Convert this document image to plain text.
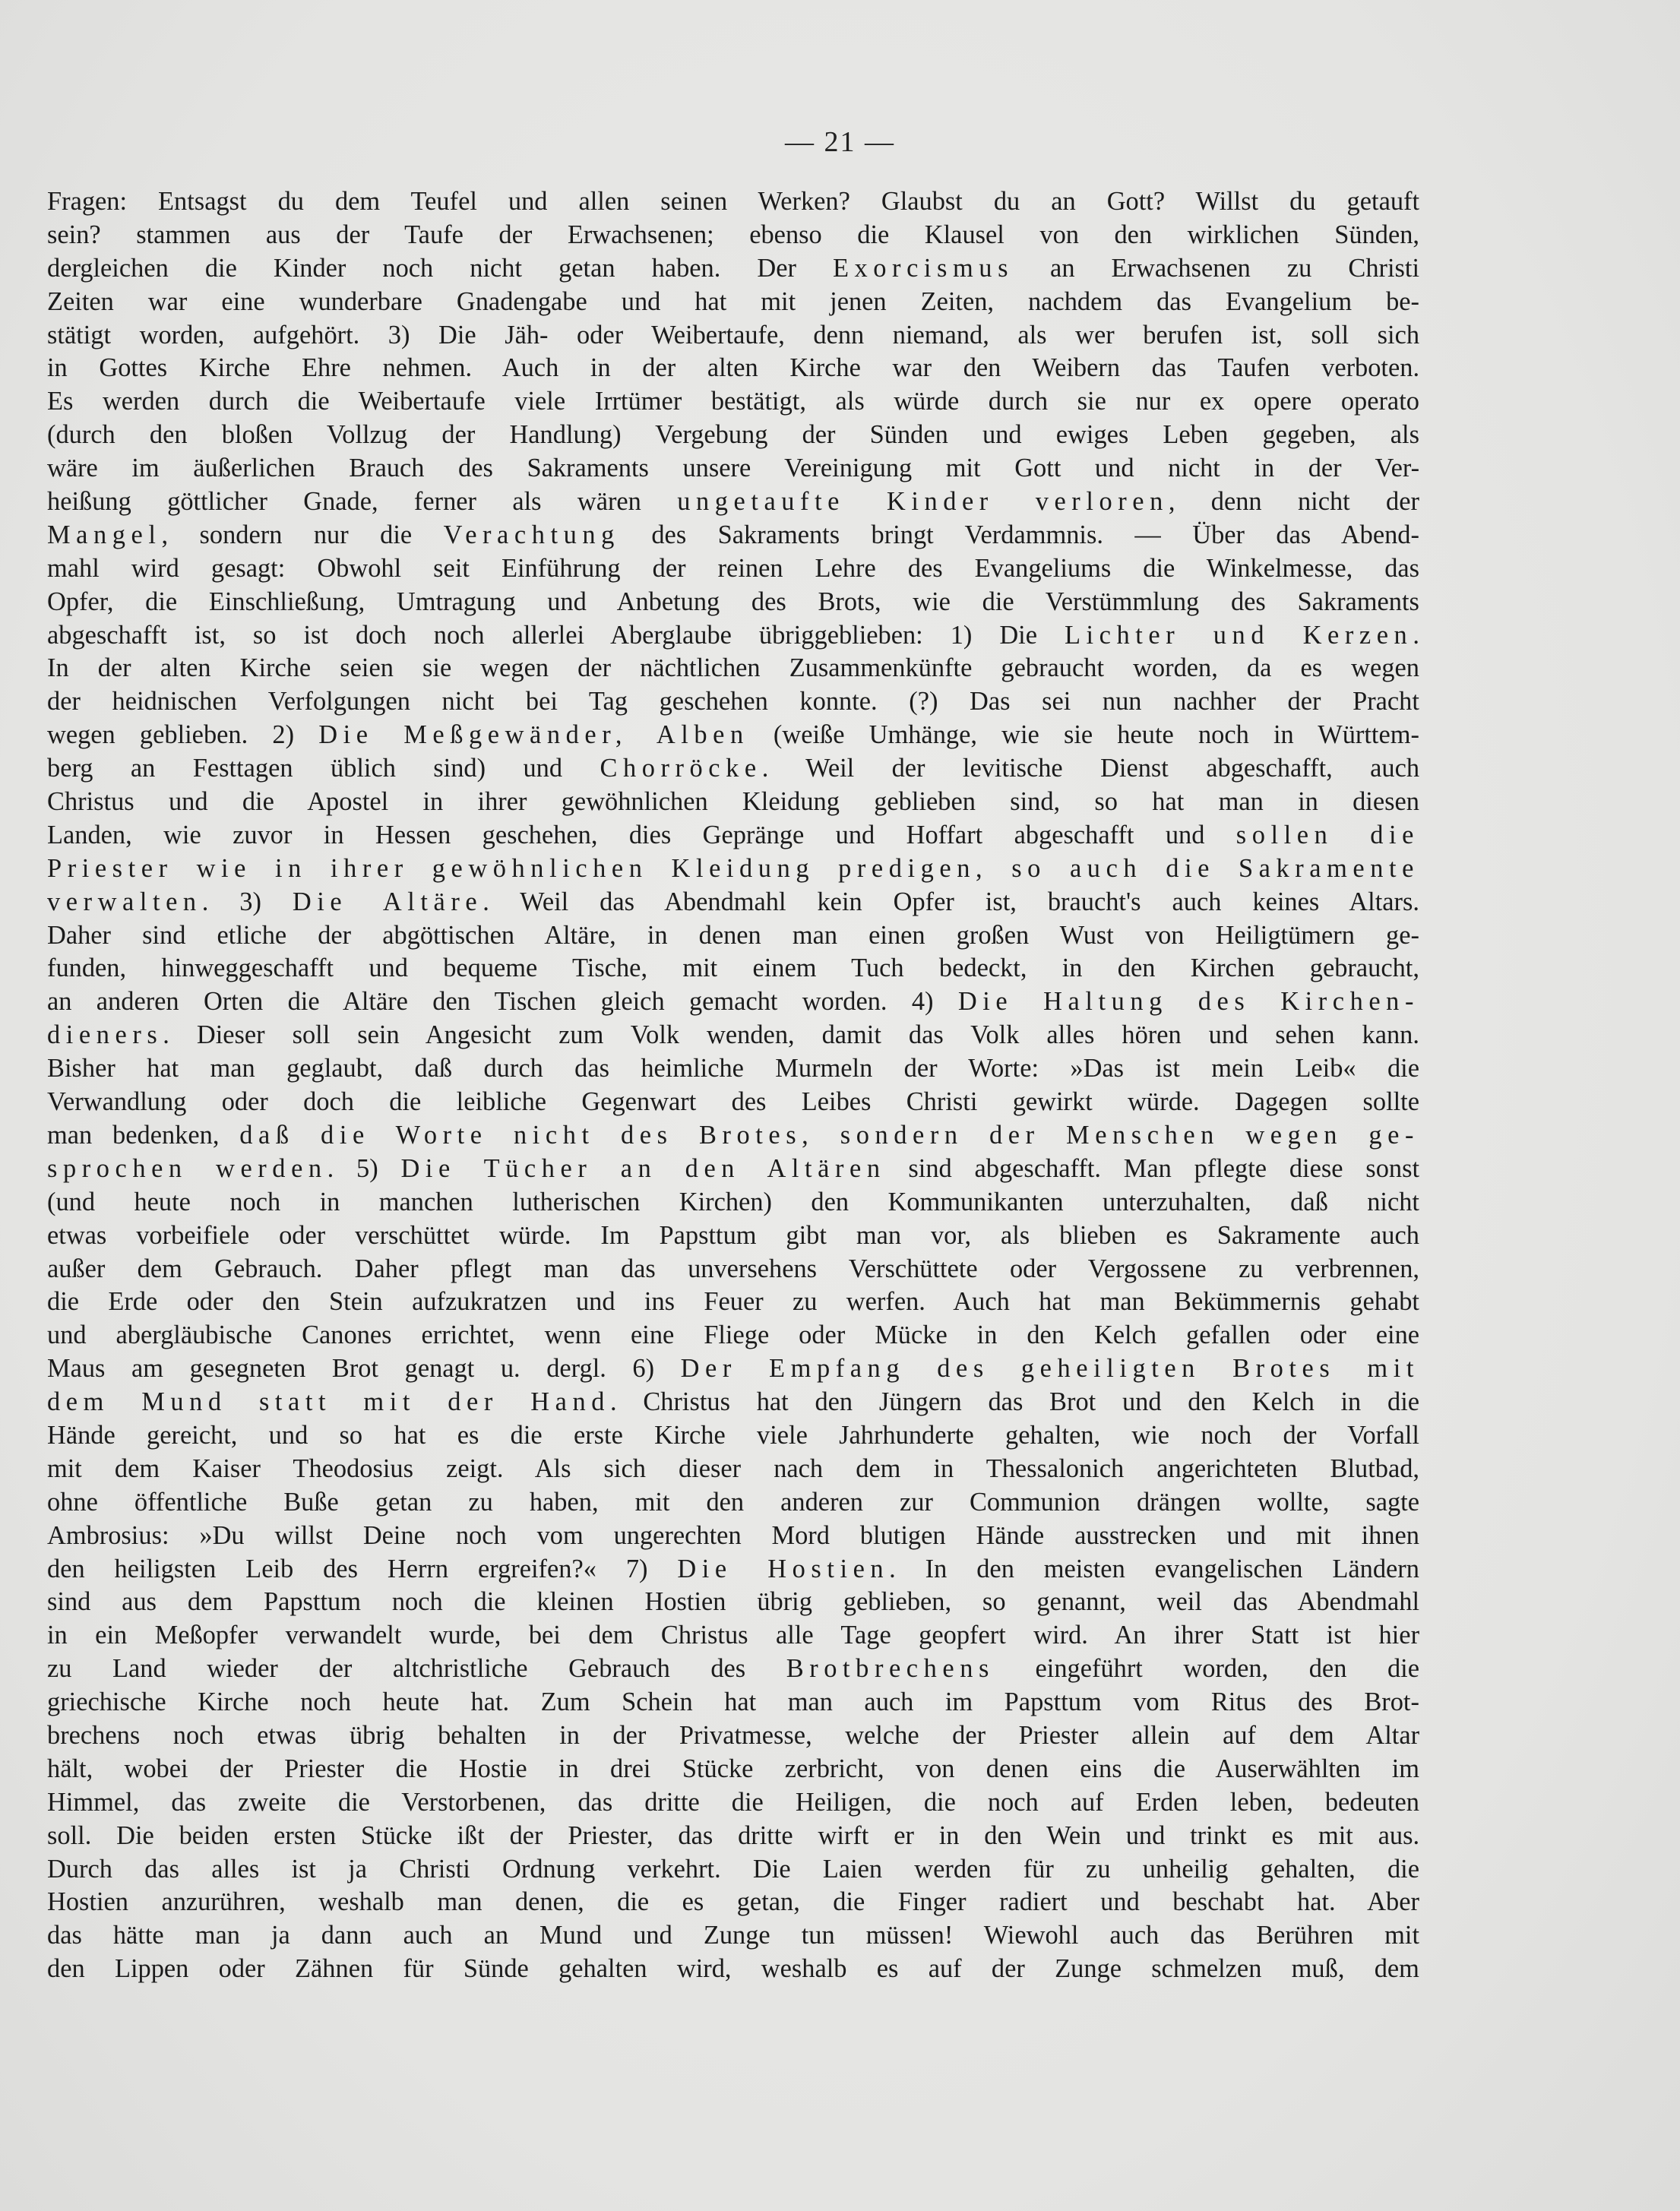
— 21 —
Fragen: Entsagst du dem Teufel und allen seinen Werken? Glaubst du an Gott? Willst du getauft
sein? stammen aus der Taufe der Erwachsenen; ebenso die Klausel von den wirklichen Sünden,
dergleichen die Kinder noch nicht getan haben. Der Exorcismus an Erwachsenen zu Christi
Zeiten war eine wunderbare Gnadengabe und hat mit jenen Zeiten, nachdem das Evangelium be-
stätigt worden, aufgehört. 3) Die Jäh- oder Weibertaufe, denn niemand, als wer berufen ist, soll sich
in Gottes Kirche Ehre nehmen. Auch in der alten Kirche war den Weibern das Taufen verboten.
Es werden durch die Weibertaufe viele Irrtümer bestätigt, als würde durch sie nur ex opere operato
(durch den bloßen Vollzug der Handlung) Vergebung der Sünden und ewiges Leben gegeben, als
wäre im äußerlichen Brauch des Sakraments unsere Vereinigung mit Gott und nicht in der Ver-
heißung göttlicher Gnade, ferner als wären ungetaufte Kinder verloren, denn nicht der
Mangel, sondern nur die Verachtung des Sakraments bringt Verdammnis. — Über das Abend-
mahl wird gesagt: Obwohl seit Einführung der reinen Lehre des Evangeliums die Winkelmesse, das
Opfer, die Einschließung, Umtragung und Anbetung des Brots, wie die Verstümmlung des Sakraments
abgeschafft ist, so ist doch noch allerlei Aberglaube übriggeblieben: 1) Die Lichter und Kerzen.
In der alten Kirche seien sie wegen der nächtlichen Zusammenkünfte gebraucht worden, da es wegen
der heidnischen Verfolgungen nicht bei Tag geschehen konnte. (?) Das sei nun nachher der Pracht
wegen geblieben. 2) Die Meßgewänder, Alben (weiße Umhänge, wie sie heute noch in Württem-
berg an Festtagen üblich sind) und Chorröcke. Weil der levitische Dienst abgeschafft, auch
Christus und die Apostel in ihrer gewöhnlichen Kleidung geblieben sind, so hat man in diesen
Landen, wie zuvor in Hessen geschehen, dies Gepränge und Hoffart abgeschafft und sollen die
Priester wie in ihrer gewöhnlichen Kleidung predigen, so auch die Sakramente
verwalten. 3) Die Altäre. Weil das Abendmahl kein Opfer ist, braucht's auch keines Altars.
Daher sind etliche der abgöttischen Altäre, in denen man einen großen Wust von Heiligtümern ge-
funden, hinweggeschafft und bequeme Tische, mit einem Tuch bedeckt, in den Kirchen gebraucht,
an anderen Orten die Altäre den Tischen gleich gemacht worden. 4) Die Haltung des Kirchen-
dieners. Dieser soll sein Angesicht zum Volk wenden, damit das Volk alles hören und sehen kann.
Bisher hat man geglaubt, daß durch das heimliche Murmeln der Worte: »Das ist mein Leib« die
Verwandlung oder doch die leibliche Gegenwart des Leibes Christi gewirkt würde. Dagegen sollte
man bedenken, daß die Worte nicht des Brotes, sondern der Menschen wegen ge-
sprochen werden. 5) Die Tücher an den Altären sind abgeschafft. Man pflegte diese sonst
(und heute noch in manchen lutherischen Kirchen) den Kommunikanten unterzuhalten, daß nicht
etwas vorbeifiele oder verschüttet würde. Im Papsttum gibt man vor, als blieben es Sakramente auch
außer dem Gebrauch. Daher pflegt man das unversehens Verschüttete oder Vergossene zu verbrennen,
die Erde oder den Stein aufzukratzen und ins Feuer zu werfen. Auch hat man Bekümmernis gehabt
und abergläubische Canones errichtet, wenn eine Fliege oder Mücke in den Kelch gefallen oder eine
Maus am gesegneten Brot genagt u. dergl. 6) Der Empfang des geheiligten Brotes mit
dem Mund statt mit der Hand. Christus hat den Jüngern das Brot und den Kelch in die
Hände gereicht, und so hat es die erste Kirche viele Jahrhunderte gehalten, wie noch der Vorfall
mit dem Kaiser Theodosius zeigt. Als sich dieser nach dem in Thessalonich angerichteten Blutbad,
ohne öffentliche Buße getan zu haben, mit den anderen zur Communion drängen wollte, sagte
Ambrosius: »Du willst Deine noch vom ungerechten Mord blutigen Hände ausstrecken und mit ihnen
den heiligsten Leib des Herrn ergreifen?« 7) Die Hostien. In den meisten evangelischen Ländern
sind aus dem Papsttum noch die kleinen Hostien übrig geblieben, so genannt, weil das Abendmahl
in ein Meßopfer verwandelt wurde, bei dem Christus alle Tage geopfert wird. An ihrer Statt ist hier
zu Land wieder der altchristliche Gebrauch des Brotbrechens eingeführt worden, den die
griechische Kirche noch heute hat. Zum Schein hat man auch im Papsttum vom Ritus des Brot-
brechens noch etwas übrig behalten in der Privatmesse, welche der Priester allein auf dem Altar
hält, wobei der Priester die Hostie in drei Stücke zerbricht, von denen eins die Auserwählten im
Himmel, das zweite die Verstorbenen, das dritte die Heiligen, die noch auf Erden leben, bedeuten
soll. Die beiden ersten Stücke ißt der Priester, das dritte wirft er in den Wein und trinkt es mit aus.
Durch das alles ist ja Christi Ordnung verkehrt. Die Laien werden für zu unheilig gehalten, die
Hostien anzurühren, weshalb man denen, die es getan, die Finger radiert und beschabt hat. Aber
das hätte man ja dann auch an Mund und Zunge tun müssen! Wiewohl auch das Berühren mit
den Lippen oder Zähnen für Sünde gehalten wird, weshalb es auf der Zunge schmelzen muß, dem
